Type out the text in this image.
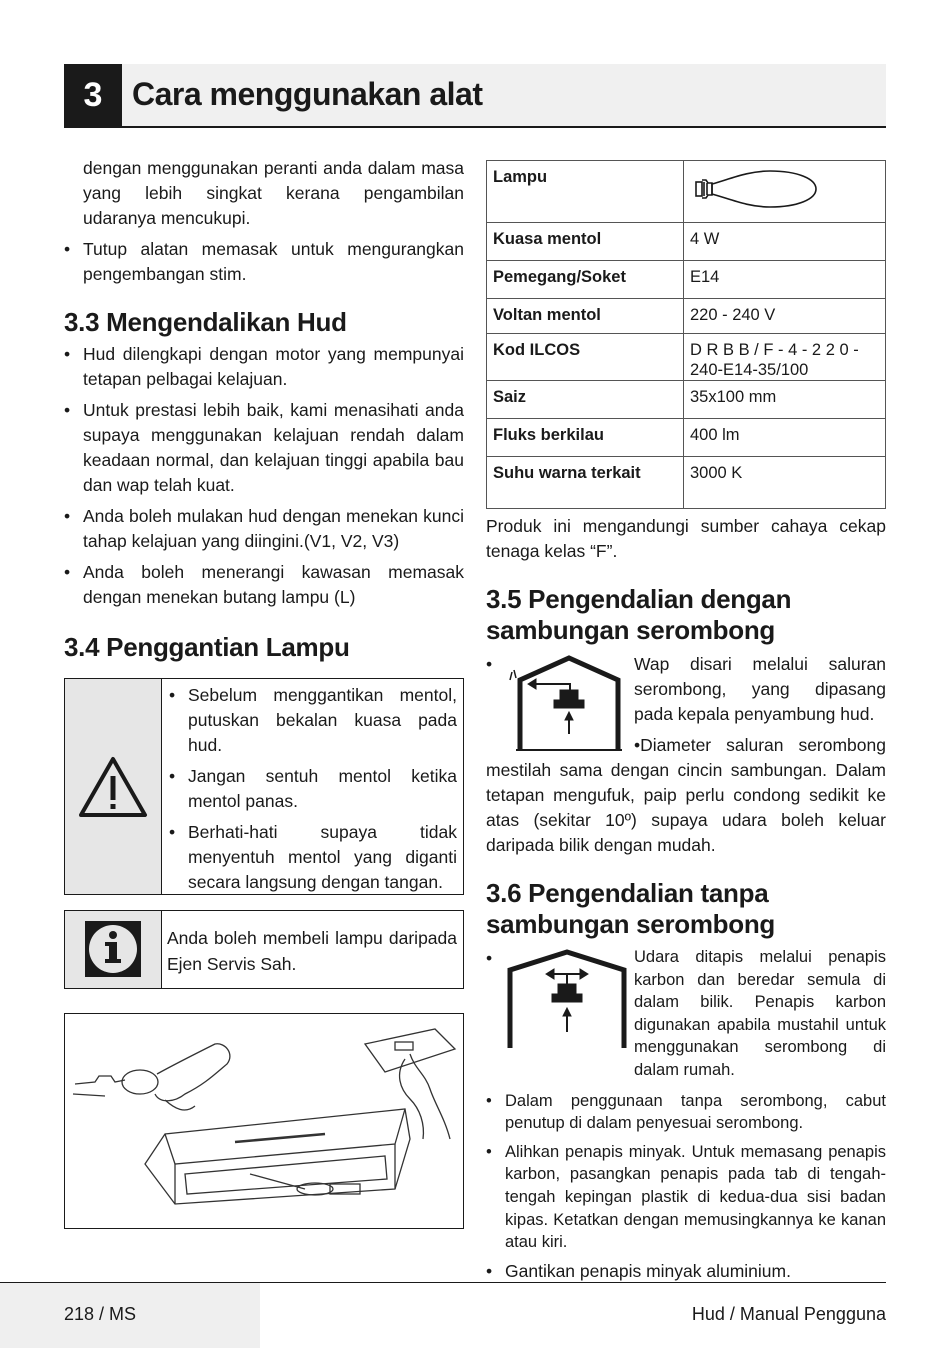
3 Cara menggunakan alat

dengan menggunakan peranti anda dalam masa yang lebih singkat kerana pengambilan udaranya mencukupi.

• Tutup alatan memasak untuk mengurangkan pengembangan stim.
3.3 Mengendalikan Hud
• Hud dilengkapi dengan motor yang mempunyai tetapan pelbagai kelajuan.
• Untuk prestasi lebih baik, kami menasihati anda supaya menggunakan kelajuan rendah dalam keadaan normal, dan kelajuan tinggi apabila bau dan wap telah kuat.
• Anda boleh mulakan hud dengan menekan kunci tahap kelajuan yang diingini.(V1, V2, V3)
• Anda boleh menerangi kawasan memasak dengan menekan butang lampu (L)
3.4 Penggantian Lampu
• Sebelum menggantikan mentol, putuskan bekalan kuasa pada hud.
• Jangan sentuh mentol ketika mentol panas.
• Berhati-hati supaya tidak menyentuh mentol yang diganti secara langsung dengan tangan.
Anda boleh membeli lampu daripada Ejen Servis Sah.
Lampu	
Kuasa mentol	4 W
Pemegang/Soket	E14
Voltan mentol	220 - 240 V
Kod ILCOS	D R B B / F - 4 - 2 2 0 - 240-E14-35/100
Saiz	35x100 mm
Fluks berkilau	400 lm
Suhu warna terkait	3000 K

Produk ini mengandungi sumber cahaya cekap tenaga kelas “F”.

3.5 Pengendalian dengan sambungan serombong
•	Wap disari melalui saluran serombong, yang dipasang pada kepala penyambung hud.

•Diameter saluran serombong mestilah sama dengan cincin sambungan. Dalam tetapan mengufuk, paip perlu condong sedikit ke atas (sekitar 10º) supaya udara boleh keluar daripada bilik dengan mudah.

3.6 Pengendalian tanpa sambungan serombong
•	Udara ditapis melalui penapis karbon dan beredar semula di dalam bilik. Penapis karbon digunakan apabila mustahil untuk menggunakan serombong di dalam rumah.

• Dalam penggunaan tanpa serombong, cabut penutup di dalam penyesuai serombong.
• Alihkan penapis minyak. Untuk memasang penapis karbon, pasangkan penapis pada tab di tengah-tengah kepingan plastik di kedua-dua sisi badan kipas. Ketatkan dengan memusingkannya ke kanan atau kiri.
• Gantikan penapis minyak aluminium.
218 / MS	Hud / Manual Pengguna
